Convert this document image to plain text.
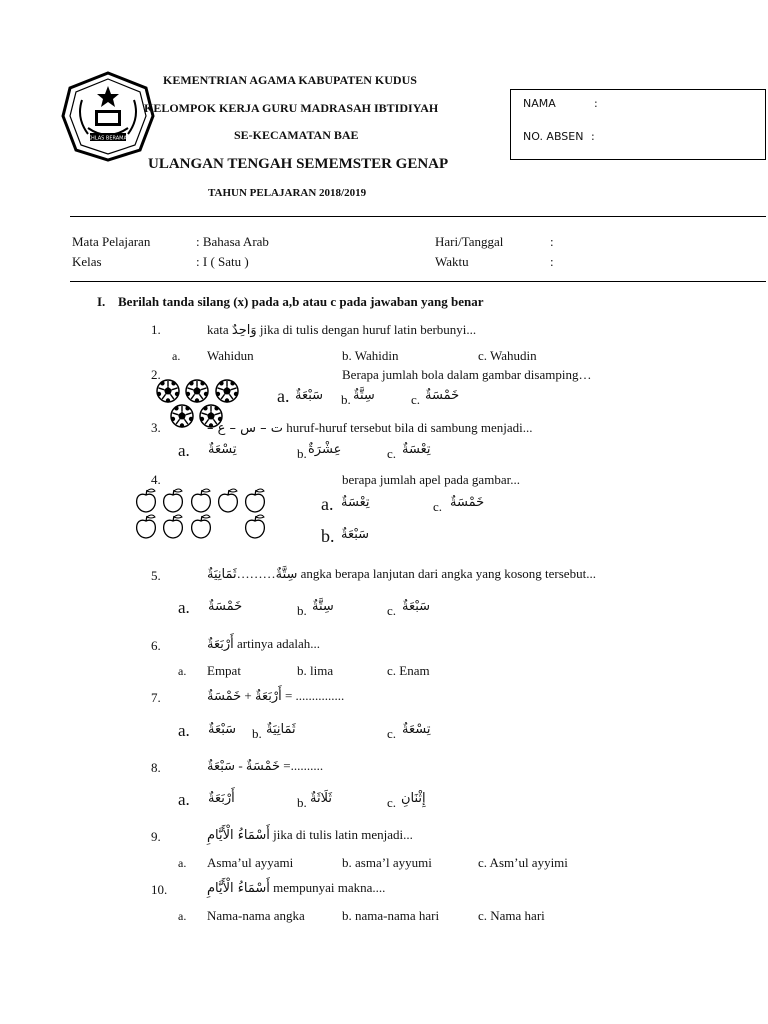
IKHLAS BERAMAL
KEMENTRIAN AGAMA KABUPATEN KUDUS
KELOMPOK KERJA GURU MADRASAH IBTIDIYAH
SE-KECAMATAN BAE
ULANGAN TENGAH SEMEMSTER GENAP
TAHUN PELAJARAN 2018/2019
NAMA	:
NO. ABSEN :
Mata Pelajaran	: Bahasa Arab
Kelas	: I ( Satu )
Hari/Tanggal	:
Waktu	:
I. Berilah tanda silang (x) pada a,b atau c pada jawaban yang benar
1.	kata وَاحِدٌ jika di tulis dengan huruf latin berbunyi...
a. Wahidun	b. Wahidin	c. Wahudin
2.	Berapa jumlah bola dalam gambar disamping…
a. سَبْعَةٌ b. سِتَّةٌ	c. خَمْسَةٌ
3.	ت – س – ع – huruf-huruf tersebut bila di sambung menjadi...
a. تِسْعَةٌ	b. عِشْرَةٌ	c. تِعْسَةٌ
4.	berapa jumlah apel pada gambar...
a. تِعْسَةٌ	c. خَمْسَةٌ
b. سَبْعَةٌ
5.	ثَمَانِيَةٌ………سِتَّةٌ angka berapa lanjutan dari angka yang kosong tersebut...
a. خَمْسَةٌ	b. سِتَّةٌ	c. سَبْعَةٌ
6.	أَرْبَعَةٌ artinya adalah...
a. Empat	b. lima	c. Enam
7.	خَمْسَةٌ + أَرْبَعَةٌ = ...............
a. سَبْعَةٌ b. ثَمَانِيَةٌ	c. تِسْعَةٌ
8.	سَبْعَةٌ - خَمْسَةٌ =..........
a. أَرْبَعَةٌ	b. ثَلَاثَةٌ	c. إِثْنَانِ
9.	أَسْمَاءُ الْأَيَّامِ jika di tulis latin menjadi...
a. Asma’ul ayyami	b. asma’l ayyumi	c. Asm’ul ayyimi
10.	أَسْمَاءُ الْأَيَّامِ mempunyai makna....
a. Nama-nama angka	b. nama-nama hari	c. Nama hari
